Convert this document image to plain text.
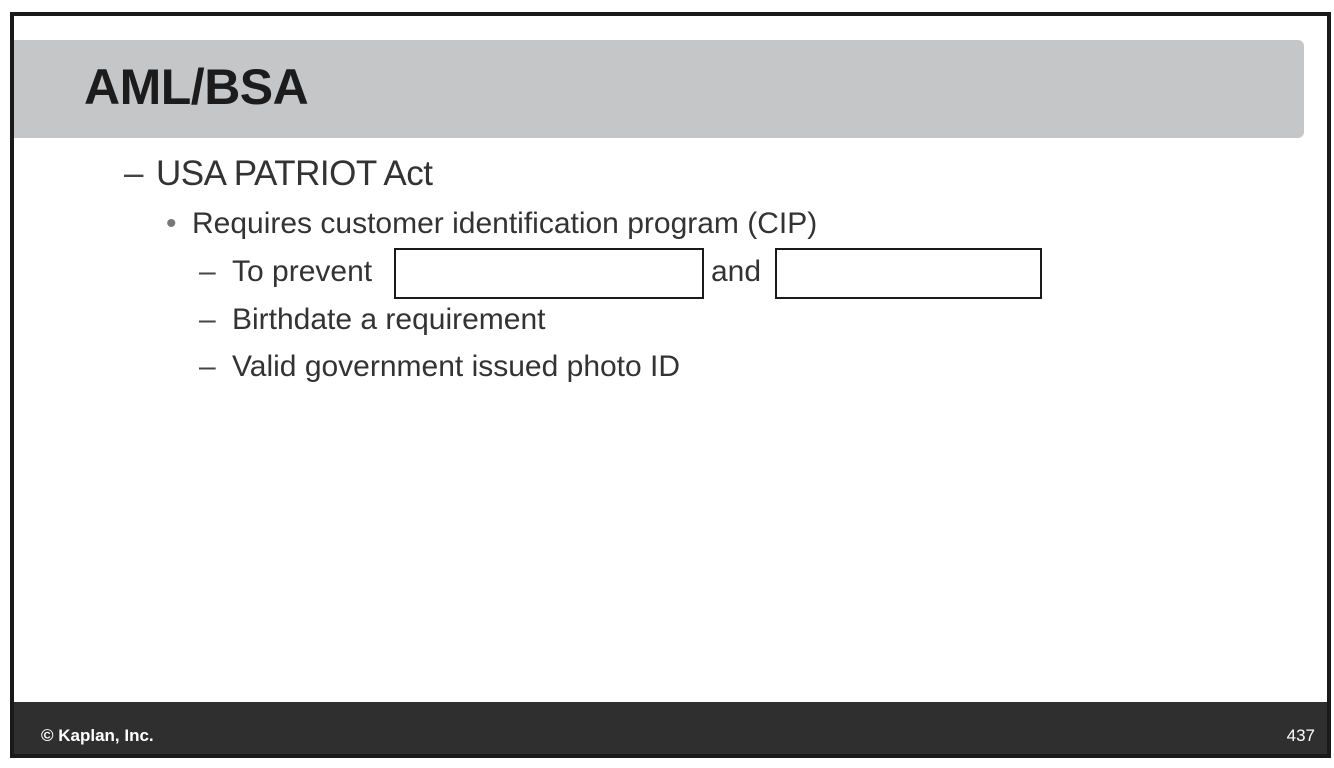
AML/BSA
– USA PATRIOT Act
• Requires customer identification program (CIP)
– To prevent	and
– Birthdate a requirement
– Valid government issued photo ID
© Kaplan, Inc.	437
